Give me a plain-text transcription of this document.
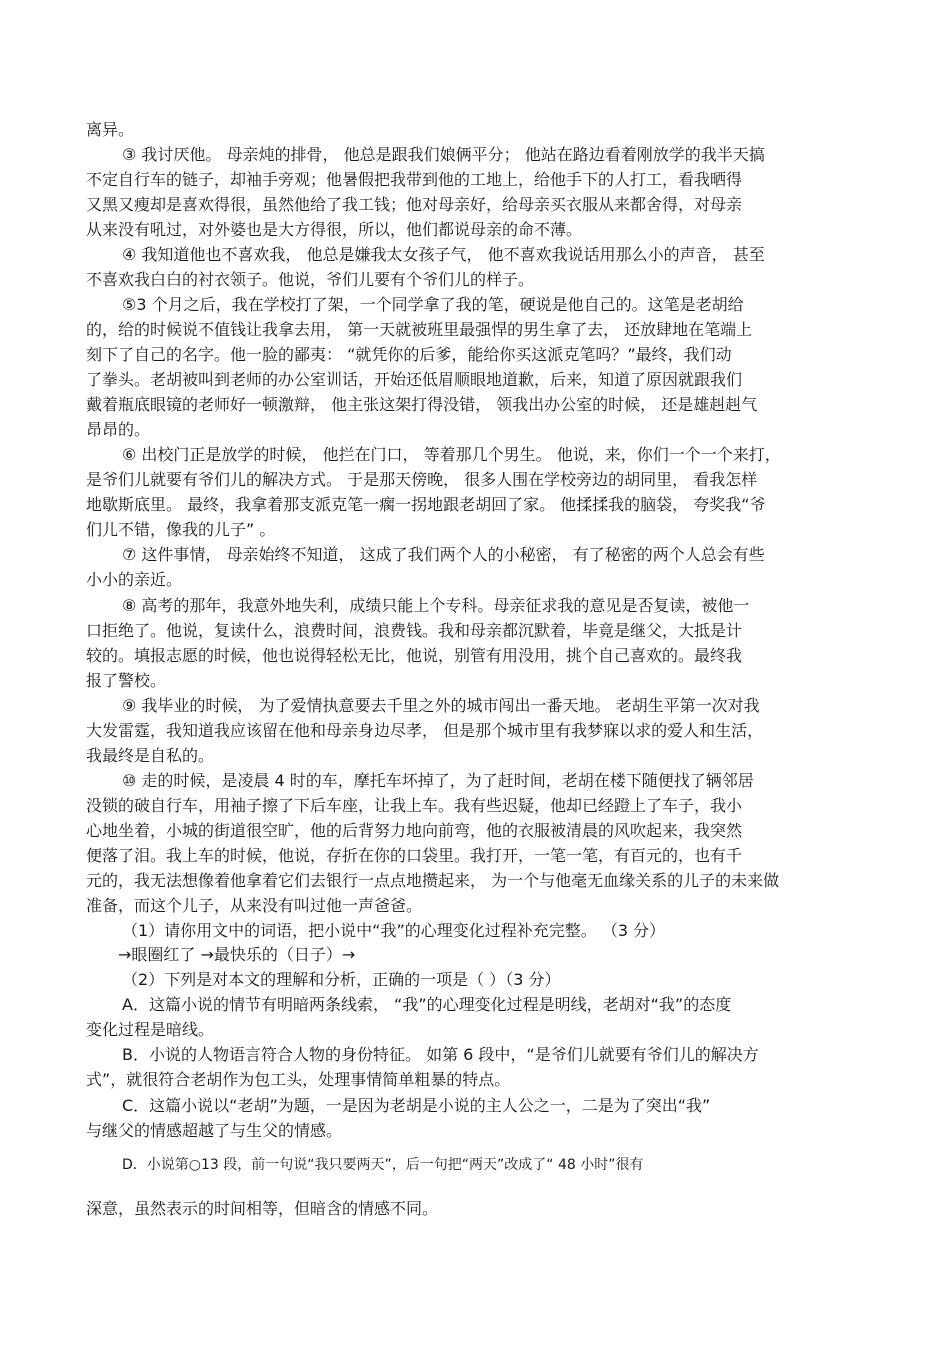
离异。
③ 我讨厌他。 母亲炖的排骨， 他总是跟我们娘俩平分； 他站在路边看着刚放学的我半天搞
不定自行车的链子，却袖手旁观；他暑假把我带到他的工地上，给他手下的人打工，看我晒得
又黑又瘦却是喜欢得很，虽然他给了我工钱；他对母亲好，给母亲买衣服从来都舍得，对母亲
从来没有吼过，对外婆也是大方得很，所以，他们都说母亲的命不薄。
④ 我知道他也不喜欢我， 他总是嫌我太女孩子气， 他不喜欢我说话用那么小的声音， 甚至
不喜欢我白白的衬衣领子。他说，爷们儿要有个爷们儿的样子。
⑤3 个月之后，我在学校打了架，一个同学拿了我的笔，硬说是他自己的。这笔是老胡给
的，给的时候说不值钱让我拿去用， 第一天就被班里最强悍的男生拿了去， 还放肆地在笔端上
刻下了自己的名字。他一脸的鄙夷： “就凭你的后爹，能给你买这派克笔吗？”最终，我们动
了拳头。老胡被叫到老师的办公室训话，开始还低眉顺眼地道歉，后来，知道了原因就跟我们
戴着瓶底眼镜的老师好一顿激辩， 他主张这架打得没错， 领我出办公室的时候， 还是雄赳赳气
昂昂的。
⑥ 出校门正是放学的时候， 他拦在门口， 等着那几个男生。 他说，来，你们一个一个来打，
是爷们儿就要有爷们儿的解决方式。 于是那天傍晚， 很多人围在学校旁边的胡同里， 看我怎样
地歇斯底里。 最终，我拿着那支派克笔一瘸一拐地跟老胡回了家。 他揉揉我的脑袋， 夸奖我“爷
们儿不错，像我的儿子” 。
⑦ 这件事情， 母亲始终不知道， 这成了我们两个人的小秘密， 有了秘密的两个人总会有些
小小的亲近。
⑧ 高考的那年，我意外地失利，成绩只能上个专科。母亲征求我的意见是否复读，被他一
口拒绝了。他说，复读什么，浪费时间，浪费钱。我和母亲都沉默着，毕竟是继父，大抵是计
较的。填报志愿的时候，他也说得轻松无比，他说，别管有用没用，挑个自己喜欢的。最终我
报了警校。
⑨ 我毕业的时候， 为了爱情执意要去千里之外的城市闯出一番天地。 老胡生平第一次对我
大发雷霆，我知道我应该留在他和母亲身边尽孝， 但是那个城市里有我梦寐以求的爱人和生活，
我最终是自私的。
⑩ 走的时候，是凌晨 4 时的车，摩托车坏掉了，为了赶时间，老胡在楼下随便找了辆邻居
没锁的破自行车，用袖子擦了下后车座，让我上车。我有些迟疑，他却已经蹬上了车子，我小
心地坐着，小城的街道很空旷，他的后背努力地向前弯，他的衣服被清晨的风吹起来，我突然
便落了泪。我上车的时候，他说，存折在你的口袋里。我打开，一笔一笔，有百元的，也有千
元的，我无法想像着他拿着它们去银行一点点地攒起来， 为一个与他毫无血缘关系的儿子的未来做
准备，而这个儿子，从来没有叫过他一声爸爸。
（1）请你用文中的词语，把小说中“我”的心理变化过程补充完整。 （3 分）
→眼圈红了 →最快乐的（日子）→
（2）下列是对本文的理解和分析，正确的一项是（ ）（3 分）
A．这篇小说的情节有明暗两条线索， “我”的心理变化过程是明线，老胡对“我”的态度
变化过程是暗线。
B．小说的人物语言符合人物的身份特征。 如第 6 段中，“是爷们儿就要有爷们儿的解决方
式”，就很符合老胡作为包工头，处理事情简单粗暴的特点。
C．这篇小说以“老胡”为题，一是因为老胡是小说的主人公之一，二是为了突出“我”
与继父的情感超越了与生父的情感。
D．小说第○13 段，前一句说“我只要两天”，后一句把“两天”改成了“ 48 小时”很有
深意，虽然表示的时间相等，但暗含的情感不同。
